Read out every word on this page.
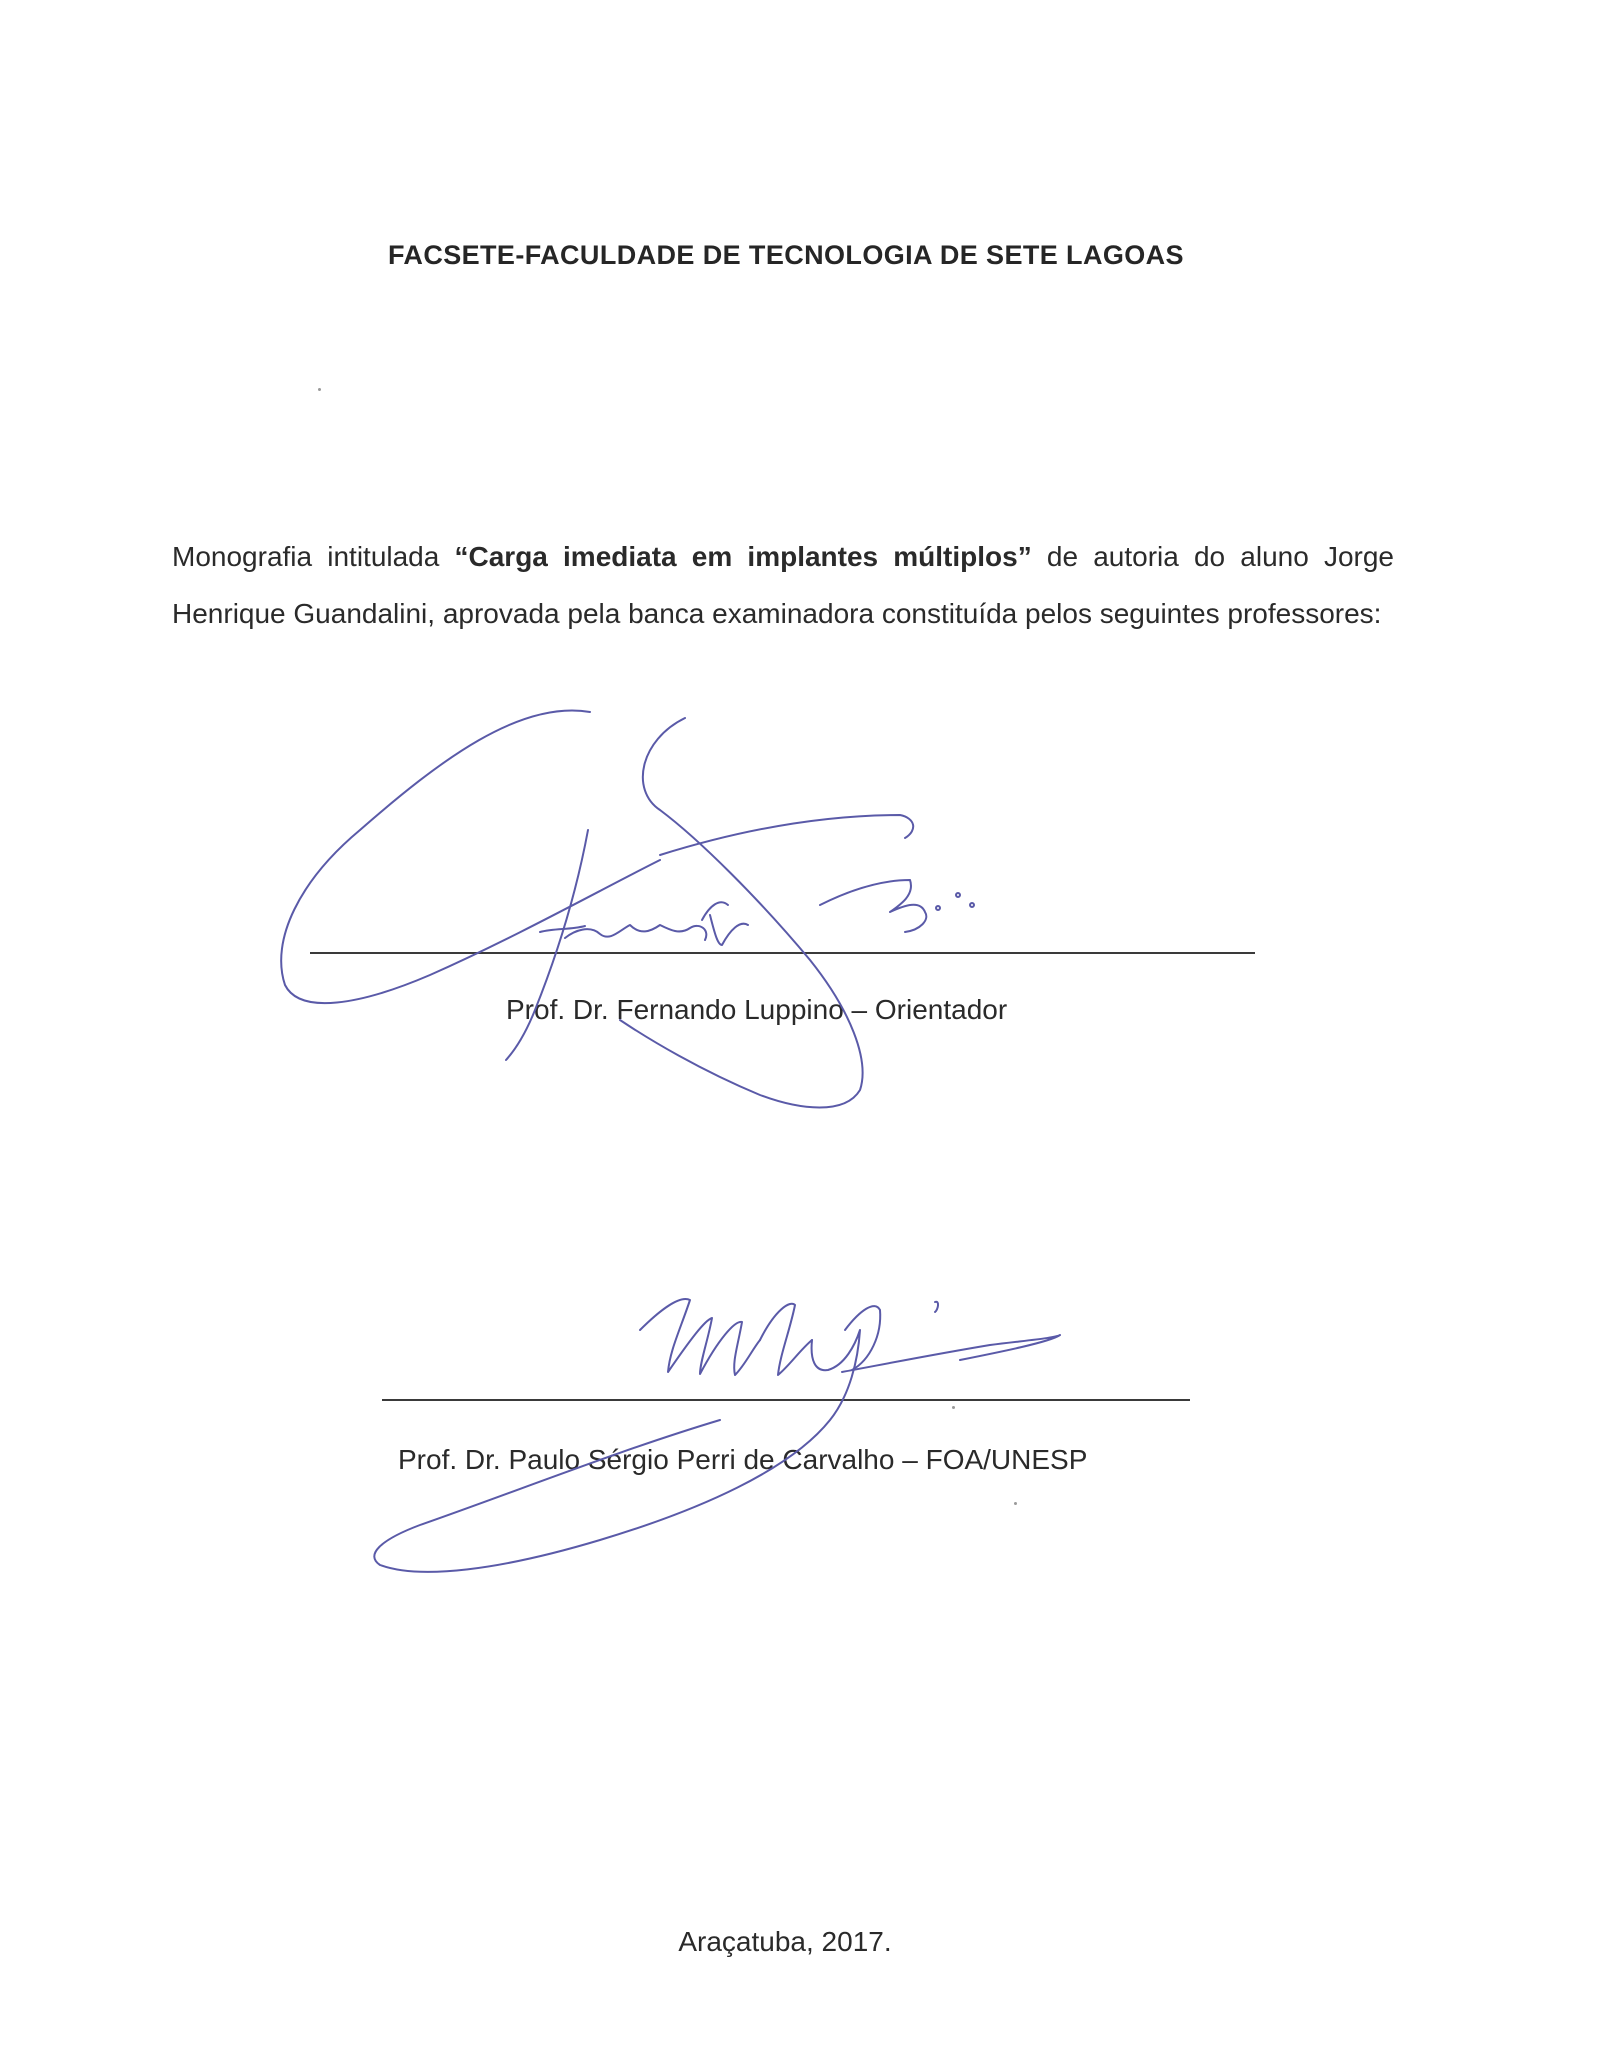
FACSETE-FACULDADE DE TECNOLOGIA DE SETE LAGOAS
Monografia intitulada “Carga imediata em implantes múltiplos” de autoria do aluno Jorge Henrique Guandalini, aprovada pela banca examinadora constituída pelos seguintes professores:
Prof. Dr. Fernando Luppino – Orientador
Prof. Dr. Paulo Sérgio Perri de Carvalho – FOA/UNESP
Araçatuba, 2017.
